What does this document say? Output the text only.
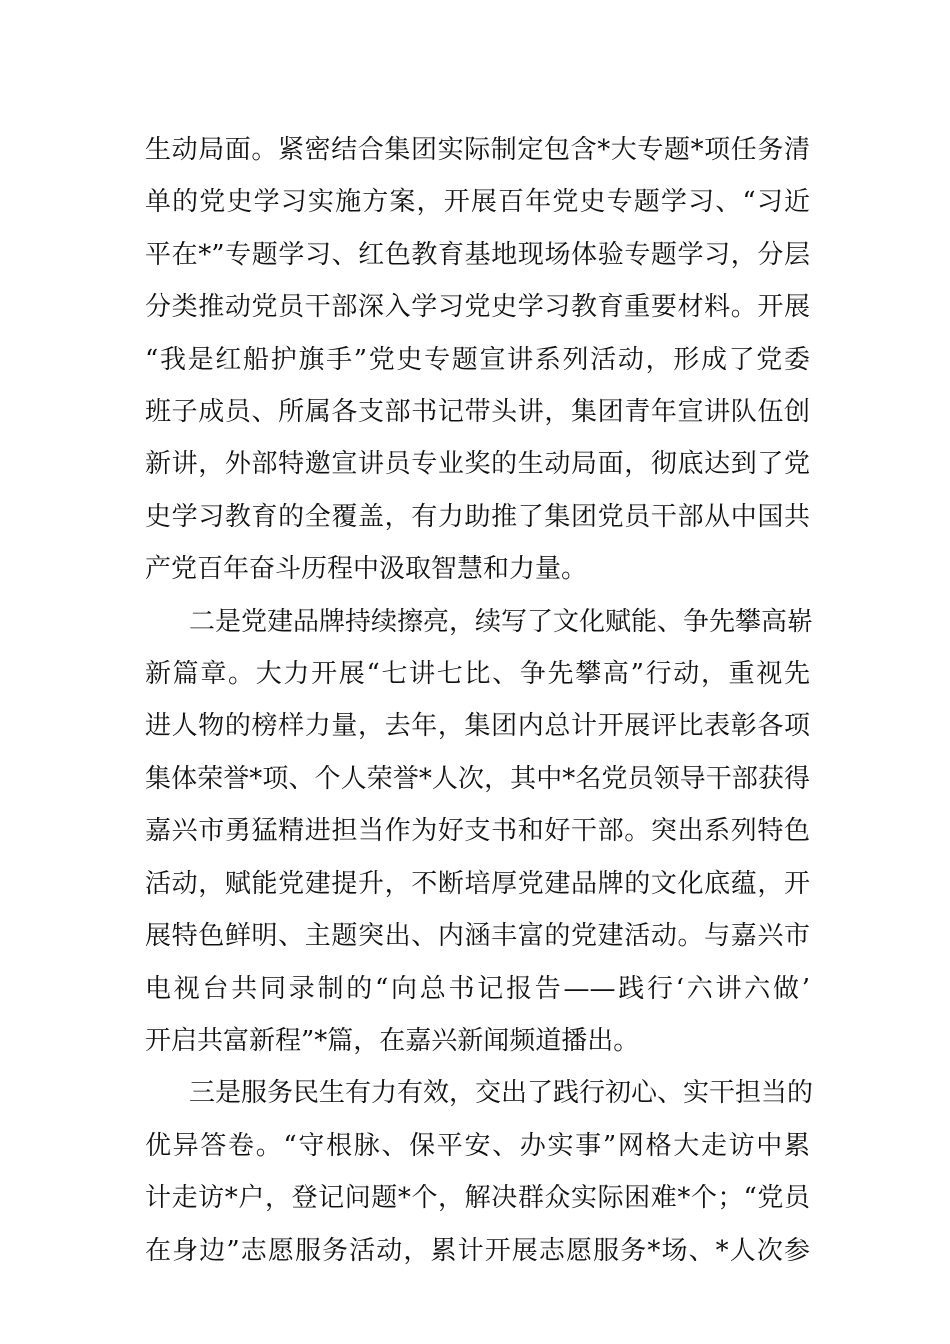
生动局面。紧密结合集团实际制定包含*大专题*项任务清
单的党史学习实施方案，开展百年党史专题学习、“习近
平在*”专题学习、红色教育基地现场体验专题学习，分层
分类推动党员干部深入学习党史学习教育重要材料。开展
“我是红船护旗手”党史专题宣讲系列活动，形成了党委
班子成员、所属各支部书记带头讲，集团青年宣讲队伍创
新讲，外部特邀宣讲员专业奖的生动局面，彻底达到了党
史学习教育的全覆盖，有力助推了集团党员干部从中国共
产党百年奋斗历程中汲取智慧和力量。
二是党建品牌持续擦亮，续写了文化赋能、争先攀高崭
新篇章。大力开展“七讲七比、争先攀高”行动，重视先
进人物的榜样力量，去年，集团内总计开展评比表彰各项
集体荣誉*项、个人荣誉*人次，其中*名党员领导干部获得
嘉兴市勇猛精进担当作为好支书和好干部。突出系列特色
活动，赋能党建提升，不断培厚党建品牌的文化底蕴，开
展特色鲜明、主题突出、内涵丰富的党建活动。与嘉兴市
电视台共同录制的“向总书记报告——践行‘六讲六做’
开启共富新程”*篇，在嘉兴新闻频道播出。
三是服务民生有力有效，交出了践行初心、实干担当的
优异答卷。“守根脉、保平安、办实事”网格大走访中累
计走访*户，登记问题*个，解决群众实际困难*个；“党员
在身边”志愿服务活动，累计开展志愿服务*场、*人次参
